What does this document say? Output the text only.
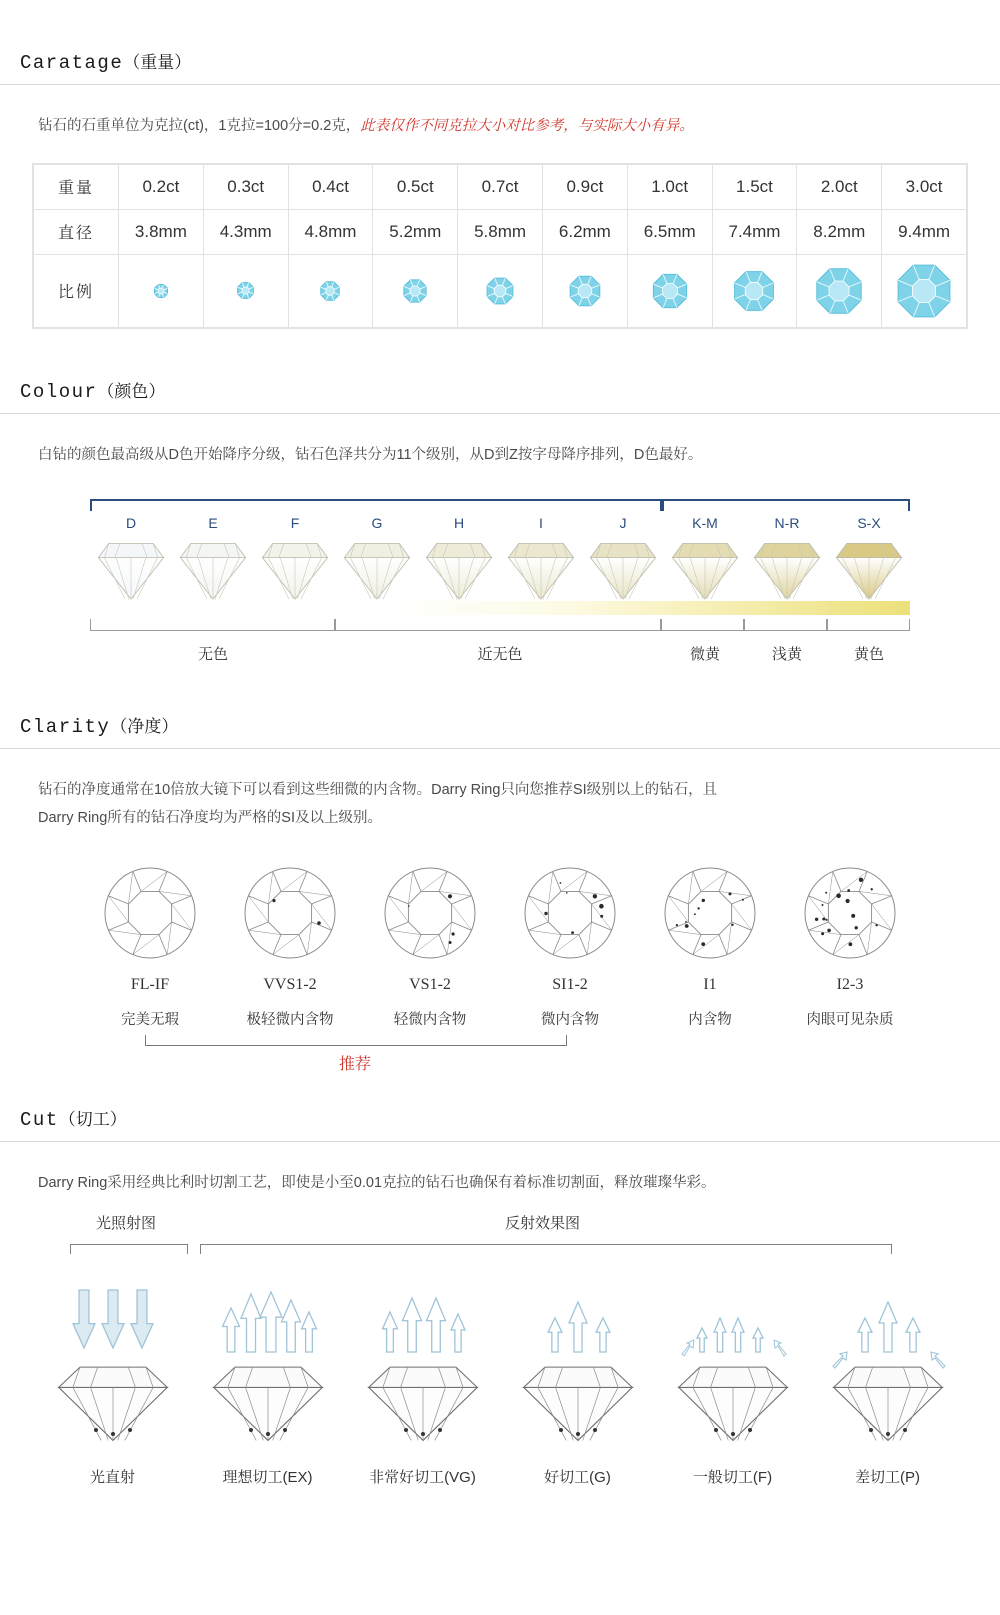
Caratage（重量）
钻石的石重单位为克拉(ct)，1克拉=100分=0.2克，此表仅作不同克拉大小对比参考，与实际大小有异。
重量	0.2ct	0.3ct	0.4ct	0.5ct	0.7ct	0.9ct	1.0ct	1.5ct	2.0ct	3.0ct
直径	3.8mm	4.3mm	4.8mm	5.2mm	5.8mm	6.2mm	6.5mm	7.4mm	8.2mm	9.4mm
比例	

Colour（颜色）
白钻的颜色最高级从D色开始降序分级，钻石色泽共分为11个级别，从D到Z按字母降序排列，D色最好。
D	E	F	G	H	I	J	K-M	N-R	S-X
无色	近无色	微黄	浅黄	黄色
Clarity（净度）
钻石的净度通常在10倍放大镜下可以看到这些细微的内含物。Darry Ring只向您推荐SI级别以上的钻石，且
Darry Ring所有的钻石净度均为严格的SI及以上级别。
FL-IF
完美无瑕
VVS1-2
极轻微内含物
VS1-2
轻微内含物
SI1-2
微内含物
I1
内含物
I2-3
肉眼可见杂质
推荐
Cut（切工）
Darry Ring采用经典比利时切割工艺，即使是小至0.01克拉的钻石也确保有着标准切割面，释放璀璨华彩。
光照射图	反射效果图
光直射	理想切工(EX)	非常好切工(VG)	好切工(G)	一般切工(F)	差切工(P)
